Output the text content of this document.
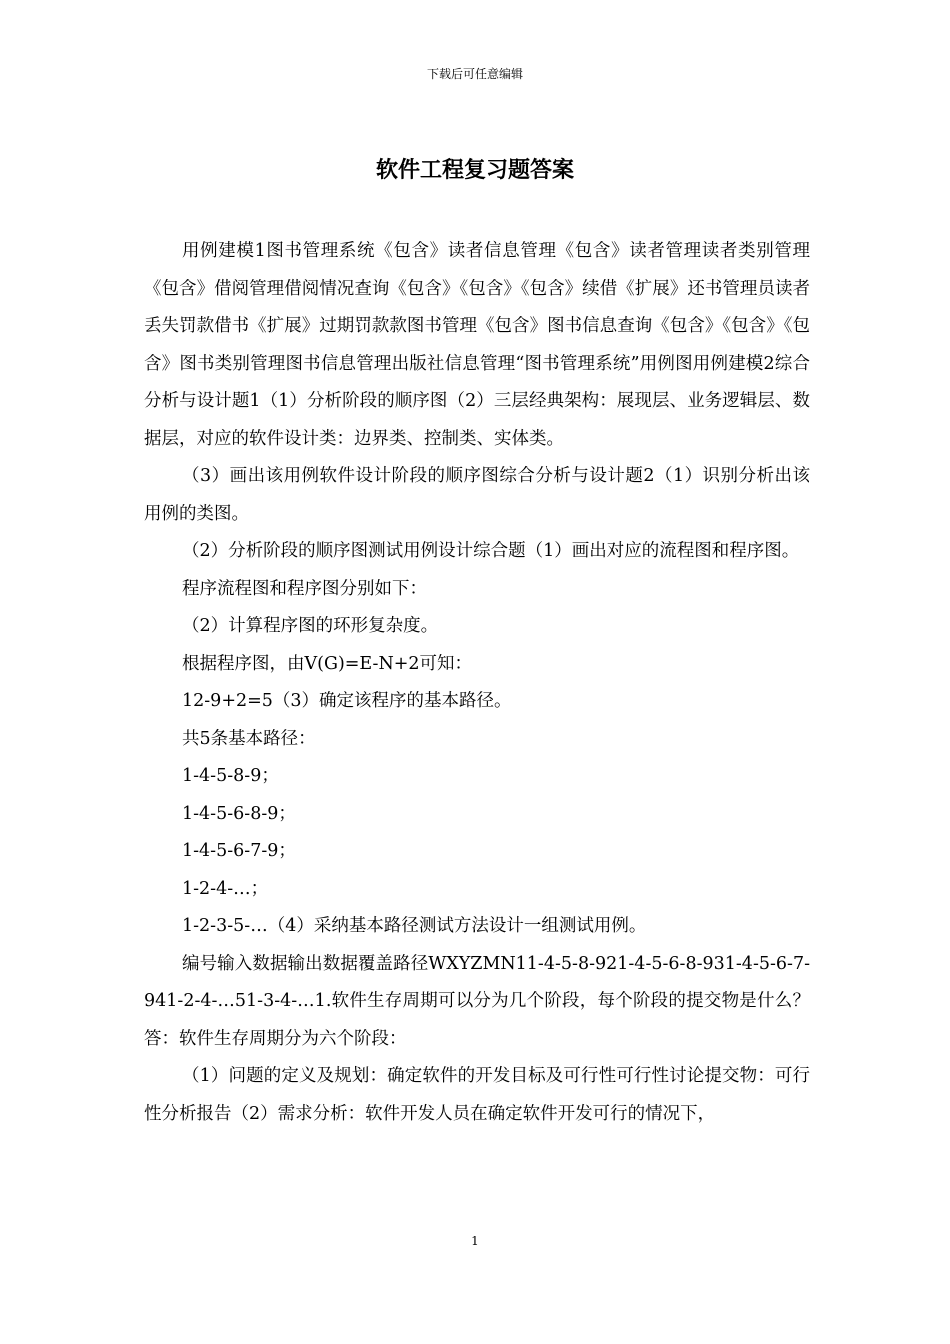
下载后可任意编辑
软件工程复习题答案

用例建模1图书管理系统《包含》读者信息管理《包含》读者管理读者类别管理《包含》借阅管理借阅情况查询《包含》《包含》《包含》续借《扩展》还书管理员读者丢失罚款借书《扩展》过期罚款款图书管理《包含》图书信息查询《包含》《包含》《包含》图书类别管理图书信息管理出版社信息管理“图书管理系统”用例图用例建模2综合分析与设计题1（1）分析阶段的顺序图（2）三层经典架构：展现层、业务逻辑层、数据层，对应的软件设计类：边界类、控制类、实体类。

（3）画出该用例软件设计阶段的顺序图综合分析与设计题2（1）识别分析出该用例的类图。

（2）分析阶段的顺序图测试用例设计综合题（1）画出对应的流程图和程序图。

程序流程图和程序图分别如下：

（2）计算程序图的环形复杂度。

根据程序图，由V(G)=E-N+2可知：

12-9+2=5（3）确定该程序的基本路径。

共5条基本路径：

1-4-5-8-9；

1-4-5-6-8-9；

1-4-5-6-7-9；

1-2-4-…；

1-2-3-5-…（4）采纳基本路径测试方法设计一组测试用例。

编号输入数据输出数据覆盖路径WXYZMN11-4-5-8-921-4-5-6-8-931-4-5-6-7-941-2-4-…51-3-4-…1.软件生存周期可以分为几个阶段，每个阶段的提交物是什么？答：软件生存周期分为六个阶段：

（1）问题的定义及规划：确定软件的开发目标及可行性可行性讨论提交物：可行性分析报告（2）需求分析：软件开发人员在确定软件开发可行的情况下，

1
